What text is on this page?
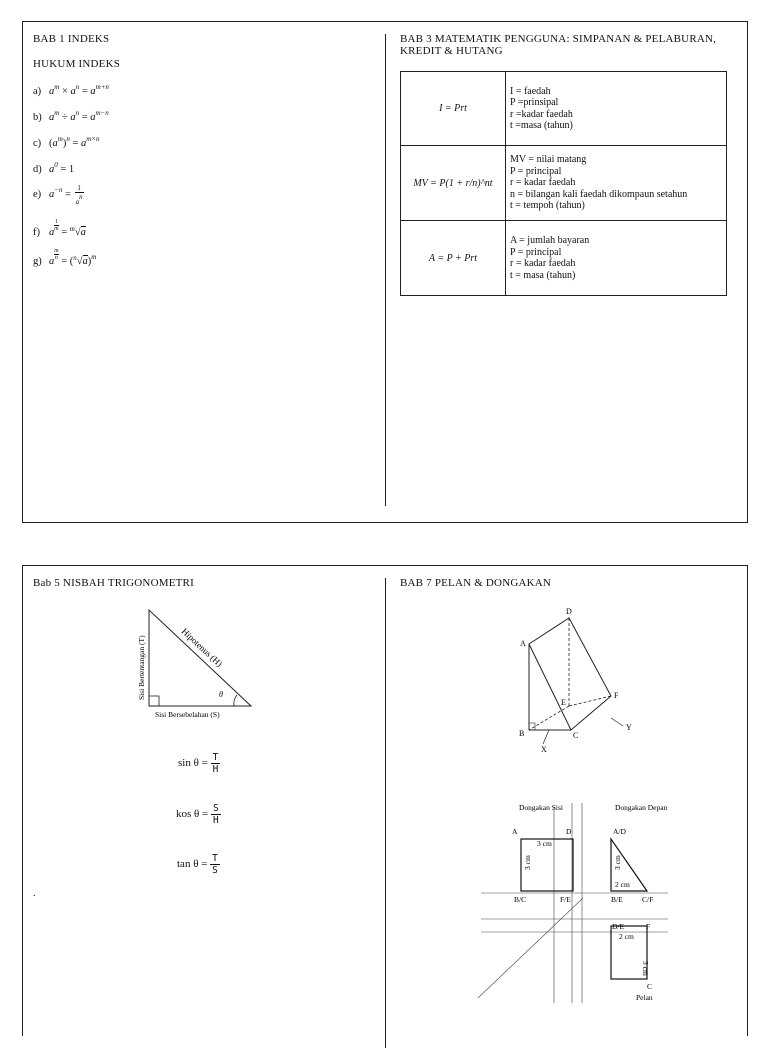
BAB 1 INDEKS
HUKUM INDEKS
a) $a^m \times a^n = a^{m+n}$
b) $a^m \div a^n = a^{m-n}$
c) $(a^m)^n = a^{m\times n}$
d) $a^0 = 1$
e) $a^{-n} = \frac{1}{a^n}$
f) a
$\frac{1}{m} = ^m√a$
g) a
$\frac{m}{n} = (^n√a)^m$
BAB 3 MATEMATIK PENGGUNA: SIMPANAN & PELABURAN,
KREDIT & HUTANG
I = Prt	I = faedah
P =prinsipal
r =kadar faedah
t =masa (tahun)

MV = P(1 + r/n)^nt	MV = nilai matang
P = principal
r = kadar faedah
n = bilangan kali faedah dikompaun setahun
t = tempoh (tahun)

A = P + Prt	A = jumlah bayaran
P = principal
r = kadar faedah
t = masa (tahun)
Bab 5 NISBAH TRIGONOMETRI
θ
Sisi Bertentangan (T)	Hipotenus (H)
Sisi Bersebelahan (S)
$\sin \theta = \frac{T}{H}$
kos $\theta = \frac{S}{H}$
$\tan \theta = \frac{T}{S}$
.
BAB 7 PELAN & DONGAKAN
D
A
E
F
B	C
X
Y
Dongakan Sisi	Dongakan Depan
Pelan
A	D
B/C	F/E
3 cm
3 cm
A/D
B/E	C/F
3 cm
2 cm
D/E	F
C
2 cm
3 cm
